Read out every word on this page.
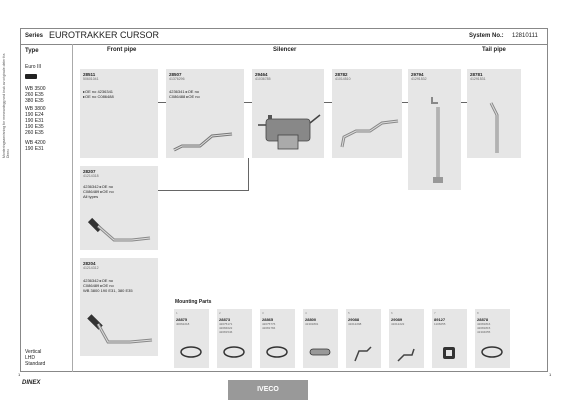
Series EUROTRAKKER CURSOR	System No.: 12810111
Monteringsanvisning for renseanlegg ved bruk av originale deler fra Dinex
Type
Euro III
WB 3500
260 E35
380 E35
WB 3800
190 E24
190 E31
190 E35
260 E35
WB 4200
190 E31
Vertical
LHD
Standard
Front pipe	Silencer	Tail pipe
28511
50601041
▸OE no 4236341
▸OE no C086488
28507
41376296
4236341 ▸OE no
C086488 ▸OE no
29464
41036785
28782
41014510
29794
41291532
28781
41291531
28207
41214318
4236342 ▸OE no
C086489 ▸OE no
All types
28204
41214312
4236342 ▸OE no
C086489 ▸OE no
WB 3800 190 E31, 380 E35
Mounting Parts
1
28875
40062218
2
28873
42075171
42084022
42081546
3
28865
42075776
42081784
4
28800
41301801
5
29088
41012298
6
29089
41012222
7
89127
1106055
8
28878
42081816
42081815
41304055
1	1
DINEX
IVECO
